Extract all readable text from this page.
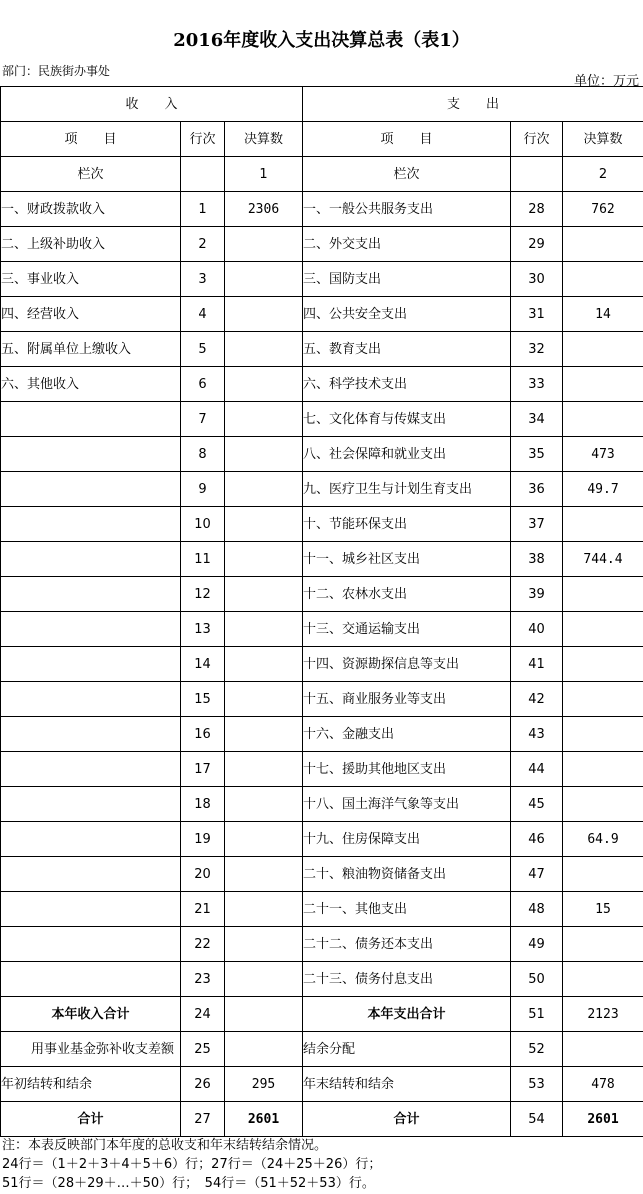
2016年度收入支出决算总表（表1）
部门：民族街办事处
单位：万元
收　　入			支　　出		
项　　目	行次	决算数	项　　目	行次	决算数
栏次		1	栏次		2
一、财政拨款收入	1	2306	一、一般公共服务支出	28	762
二、上级补助收入	2		二、外交支出	29	
三、事业收入	3		三、国防支出	30	
四、经营收入	4		四、公共安全支出	31	14
五、附属单位上缴收入	5		五、教育支出	32	
六、其他收入	6		六、科学技术支出	33	
	7		七、文化体育与传媒支出	34	
	8		八、社会保障和就业支出	35	473
	9		九、医疗卫生与计划生育支出	36	49.7
	10		十、节能环保支出	37	
	11		十一、城乡社区支出	38	744.4
	12		十二、农林水支出	39	
	13		十三、交通运输支出	40	
	14		十四、资源勘探信息等支出	41	
	15		十五、商业服务业等支出	42	
	16		十六、金融支出	43	
	17		十七、援助其他地区支出	44	
	18		十八、国土海洋气象等支出	45	
	19		十九、住房保障支出	46	64.9
	20		二十、粮油物资储备支出	47	
	21		二十一、其他支出	48	15
	22		二十二、债务还本支出	49	
	23		二十三、债务付息支出	50	
本年收入合计	24		本年支出合计	51	2123
用事业基金弥补收支差额	25		结余分配	52	
年初结转和结余	26	295	年末结转和结余	53	478
合计	27	2601	合计	54	2601
注：本表反映部门本年度的总收支和年末结转结余情况。
24行＝（1＋2＋3＋4＋5＋6）行；27行＝（24＋25＋26）行；
51行＝（28＋29＋…＋50）行；　54行＝（51＋52＋53）行。
